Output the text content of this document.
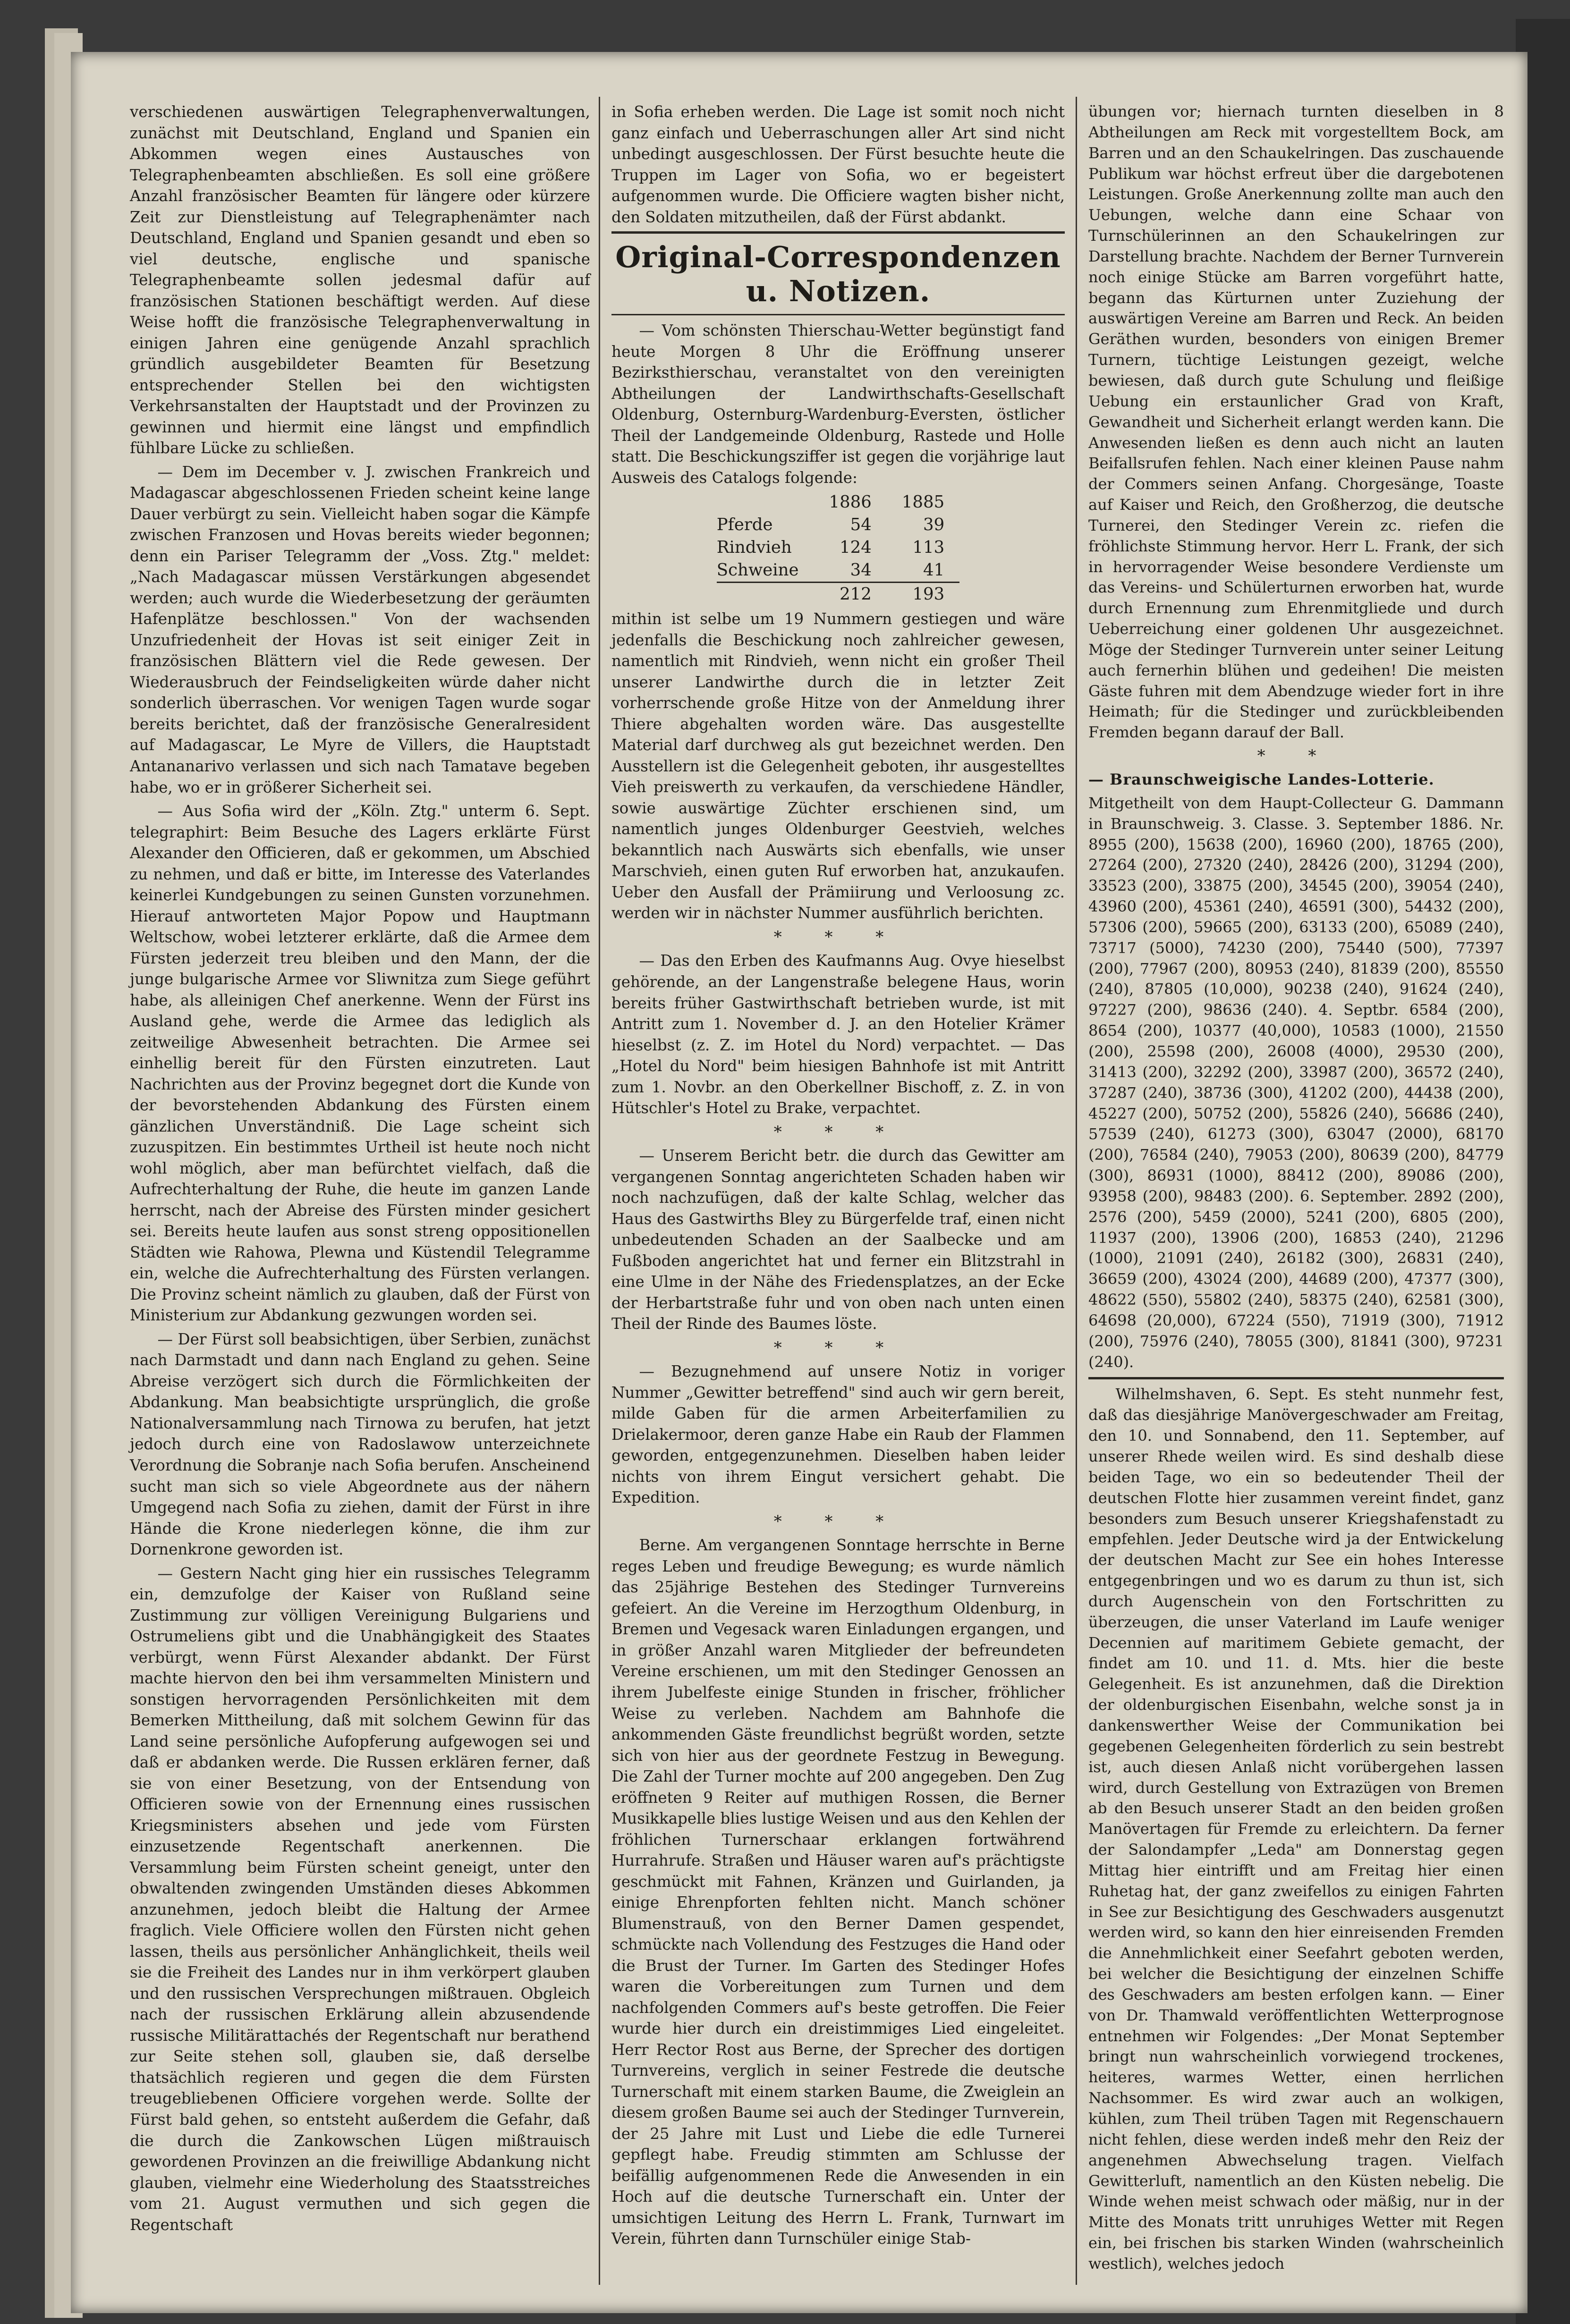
verschiedenen auswärtigen Telegraphenverwaltungen, zunächst mit Deutschland, England und Spanien ein Abkommen wegen eines Austausches von Telegraphenbeamten abschließen. Es soll eine größere Anzahl französischer Beamten für längere oder kürzere Zeit zur Dienstleistung auf Telegraphenämter nach Deutschland, England und Spanien gesandt und eben so viel deutsche, englische und spanische Telegraphenbeamte sollen jedesmal dafür auf französischen Stationen beschäftigt werden. Auf diese Weise hofft die französische Telegraphenverwaltung in einigen Jahren eine genügende Anzahl sprachlich gründlich ausgebildeter Beamten für Besetzung entsprechender Stellen bei den wichtigsten Verkehrsanstalten der Hauptstadt und der Provinzen zu gewinnen und hiermit eine längst und empfindlich fühlbare Lücke zu schließen.

— Dem im December v. J. zwischen Frankreich und Madagascar abgeschlossenen Frieden scheint keine lange Dauer verbürgt zu sein. Vielleicht haben sogar die Kämpfe zwischen Franzosen und Hovas bereits wieder begonnen; denn ein Pariser Telegramm der „Voss. Ztg." meldet: „Nach Madagascar müssen Verstärkungen abgesendet werden; auch wurde die Wiederbesetzung der geräumten Hafenplätze beschlossen." Von der wachsenden Unzufriedenheit der Hovas ist seit einiger Zeit in französischen Blättern viel die Rede gewesen. Der Wiederausbruch der Feindseligkeiten würde daher nicht sonderlich überraschen. Vor wenigen Tagen wurde sogar bereits berichtet, daß der französische Generalresident auf Madagascar, Le Myre de Villers, die Hauptstadt Antananarivo verlassen und sich nach Tamatave begeben habe, wo er in größerer Sicherheit sei.

— Aus Sofia wird der „Köln. Ztg." unterm 6. Sept. telegraphirt: Beim Besuche des Lagers erklärte Fürst Alexander den Officieren, daß er gekommen, um Abschied zu nehmen, und daß er bitte, im Interesse des Vaterlandes keinerlei Kundgebungen zu seinen Gunsten vorzunehmen. Hierauf antworteten Major Popow und Hauptmann Weltschow, wobei letzterer erklärte, daß die Armee dem Fürsten jederzeit treu bleiben und den Mann, der die junge bulgarische Armee vor Sliwnitza zum Siege geführt habe, als alleinigen Chef anerkenne. Wenn der Fürst ins Ausland gehe, werde die Armee das lediglich als zeitweilige Abwesenheit betrachten. Die Armee sei einhellig bereit für den Fürsten einzutreten. Laut Nachrichten aus der Provinz begegnet dort die Kunde von der bevorstehenden Abdankung des Fürsten einem gänzlichen Unverständniß. Die Lage scheint sich zuzuspitzen. Ein bestimmtes Urtheil ist heute noch nicht wohl möglich, aber man befürchtet vielfach, daß die Aufrechterhaltung der Ruhe, die heute im ganzen Lande herrscht, nach der Abreise des Fürsten minder gesichert sei. Bereits heute laufen aus sonst streng oppositionellen Städten wie Rahowa, Plewna und Küstendil Telegramme ein, welche die Aufrechterhaltung des Fürsten verlangen. Die Provinz scheint nämlich zu glauben, daß der Fürst von Ministerium zur Abdankung gezwungen worden sei.

— Der Fürst soll beabsichtigen, über Serbien, zunächst nach Darmstadt und dann nach England zu gehen. Seine Abreise verzögert sich durch die Förmlichkeiten der Abdankung. Man beabsichtigte ursprünglich, die große Nationalversammlung nach Tirnowa zu berufen, hat jetzt jedoch durch eine von Radoslawow unterzeichnete Verordnung die Sobranje nach Sofia berufen. Anscheinend sucht man sich so viele Abgeordnete aus der nähern Umgegend nach Sofia zu ziehen, damit der Fürst in ihre Hände die Krone niederlegen könne, die ihm zur Dornenkrone geworden ist.

— Gestern Nacht ging hier ein russisches Telegramm ein, demzufolge der Kaiser von Rußland seine Zustimmung zur völligen Vereinigung Bulgariens und Ostrumeliens gibt und die Unabhängigkeit des Staates verbürgt, wenn Fürst Alexander abdankt. Der Fürst machte hiervon den bei ihm versammelten Ministern und sonstigen hervorragenden Persönlichkeiten mit dem Bemerken Mittheilung, daß mit solchem Gewinn für das Land seine persönliche Aufopferung aufgewogen sei und daß er abdanken werde. Die Russen erklären ferner, daß sie von einer Besetzung, von der Entsendung von Officieren sowie von der Ernennung eines russischen Kriegsministers absehen und jede vom Fürsten einzusetzende Regentschaft anerkennen. Die Versammlung beim Fürsten scheint geneigt, unter den obwaltenden zwingenden Umständen dieses Abkommen anzunehmen, jedoch bleibt die Haltung der Armee fraglich. Viele Officiere wollen den Fürsten nicht gehen lassen, theils aus persönlicher Anhänglichkeit, theils weil sie die Freiheit des Landes nur in ihm verkörpert glauben und den russischen Versprechungen mißtrauen. Obgleich nach der russischen Erklärung allein abzusendende russische Militärattachés der Regentschaft nur berathend zur Seite stehen soll, glauben sie, daß derselbe thatsächlich regieren und gegen die dem Fürsten treugebliebenen Officiere vorgehen werde. Sollte der Fürst bald gehen, so entsteht außerdem die Gefahr, daß die durch die Zankowschen Lügen mißtrauisch gewordenen Provinzen an die freiwillige Abdankung nicht glauben, vielmehr eine Wiederholung des Staatsstreiches vom 21. August vermuthen und sich gegen die Regentschaft

in Sofia erheben werden. Die Lage ist somit noch nicht ganz einfach und Ueberraschungen aller Art sind nicht unbedingt ausgeschlossen. Der Fürst besuchte heute die Truppen im Lager von Sofia, wo er begeistert aufgenommen wurde. Die Officiere wagten bisher nicht, den Soldaten mitzutheilen, daß der Fürst abdankt.

Original-Correspondenzen u. Notizen.

— Vom schönsten Thierschau-Wetter begünstigt fand heute Morgen 8 Uhr die Eröffnung unserer Bezirksthierschau, veranstaltet von den vereinigten Abtheilungen der Landwirthschafts-Gesellschaft Oldenburg, Osternburg-Wardenburg-Eversten, östlicher Theil der Landgemeinde Oldenburg, Rastede und Holle statt. Die Beschickungsziffer ist gegen die vorjährige laut Ausweis des Catalogs folgende:

	1886	1885
Pferde	54	39
Rindvieh	124	113
Schweine	34	41
	212	193

mithin ist selbe um 19 Nummern gestiegen und wäre jedenfalls die Beschickung noch zahlreicher gewesen, namentlich mit Rindvieh, wenn nicht ein großer Theil unserer Landwirthe durch die in letzter Zeit vorherrschende große Hitze von der Anmeldung ihrer Thiere abgehalten worden wäre. Das ausgestellte Material darf durchweg als gut bezeichnet werden. Den Ausstellern ist die Gelegenheit geboten, ihr ausgestelltes Vieh preiswerth zu verkaufen, da verschiedene Händler, sowie auswärtige Züchter erschienen sind, um namentlich junges Oldenburger Geestvieh, welches bekanntlich nach Auswärts sich ebenfalls, wie unser Marschvieh, einen guten Ruf erworben hat, anzukaufen. Ueber den Ausfall der Prämiirung und Verloosung zc. werden wir in nächster Nummer ausführlich berichten.

* * *

— Das den Erben des Kaufmanns Aug. Ovye hieselbst gehörende, an der Langenstraße belegene Haus, worin bereits früher Gastwirthschaft betrieben wurde, ist mit Antritt zum 1. November d. J. an den Hotelier Krämer hieselbst (z. Z. im Hotel du Nord) verpachtet. — Das „Hotel du Nord" beim hiesigen Bahnhofe ist mit Antritt zum 1. Novbr. an den Oberkellner Bischoff, z. Z. in von Hütschler's Hotel zu Brake, verpachtet.

* * *

— Unserem Bericht betr. die durch das Gewitter am vergangenen Sonntag angerichteten Schaden haben wir noch nachzufügen, daß der kalte Schlag, welcher das Haus des Gastwirths Bley zu Bürgerfelde traf, einen nicht unbedeutenden Schaden an der Saalbecke und am Fußboden angerichtet hat und ferner ein Blitzstrahl in eine Ulme in der Nähe des Friedensplatzes, an der Ecke der Herbartstraße fuhr und von oben nach unten einen Theil der Rinde des Baumes löste.

* * *

— Bezugnehmend auf unsere Notiz in voriger Nummer „Gewitter betreffend" sind auch wir gern bereit, milde Gaben für die armen Arbeiterfamilien zu Drielakermoor, deren ganze Habe ein Raub der Flammen geworden, entgegenzunehmen. Dieselben haben leider nichts von ihrem Eingut versichert gehabt. Die Expedition.

* * *

Berne. Am vergangenen Sonntage herrschte in Berne reges Leben und freudige Bewegung; es wurde nämlich das 25jährige Bestehen des Stedinger Turnvereins gefeiert. An die Vereine im Herzogthum Oldenburg, in Bremen und Vegesack waren Einladungen ergangen, und in größer Anzahl waren Mitglieder der befreundeten Vereine erschienen, um mit den Stedinger Genossen an ihrem Jubelfeste einige Stunden in frischer, fröhlicher Weise zu verleben. Nachdem am Bahnhofe die ankommenden Gäste freundlichst begrüßt worden, setzte sich von hier aus der geordnete Festzug in Bewegung. Die Zahl der Turner mochte auf 200 angegeben. Den Zug eröffneten 9 Reiter auf muthigen Rossen, die Berner Musikkapelle blies lustige Weisen und aus den Kehlen der fröhlichen Turnerschaar erklangen fortwährend Hurrahrufe. Straßen und Häuser waren auf's prächtigste geschmückt mit Fahnen, Kränzen und Guirlanden, ja einige Ehrenpforten fehlten nicht. Manch schöner Blumenstrauß, von den Berner Damen gespendet, schmückte nach Vollendung des Festzuges die Hand oder die Brust der Turner. Im Garten des Stedinger Hofes waren die Vorbereitungen zum Turnen und dem nachfolgenden Commers auf's beste getroffen. Die Feier wurde hier durch ein dreistimmiges Lied eingeleitet. Herr Rector Rost aus Berne, der Sprecher des dortigen Turnvereins, verglich in seiner Festrede die deutsche Turnerschaft mit einem starken Baume, die Zweiglein an diesem großen Baume sei auch der Stedinger Turnverein, der 25 Jahre mit Lust und Liebe die edle Turnerei gepflegt habe. Freudig stimmten am Schlusse der beifällig aufgenommenen Rede die Anwesenden in ein Hoch auf die deutsche Turnerschaft ein. Unter der umsichtigen Leitung des Herrn L. Frank, Turnwart im Verein, führten dann Turnschüler einige Stab-

übungen vor; hiernach turnten dieselben in 8 Abtheilungen am Reck mit vorgestelltem Bock, am Barren und an den Schaukelringen. Das zuschauende Publikum war höchst erfreut über die dargebotenen Leistungen. Große Anerkennung zollte man auch den Uebungen, welche dann eine Schaar von Turnschülerinnen an den Schaukelringen zur Darstellung brachte. Nachdem der Berner Turnverein noch einige Stücke am Barren vorgeführt hatte, begann das Kürturnen unter Zuziehung der auswärtigen Vereine am Barren und Reck. An beiden Geräthen wurden, besonders von einigen Bremer Turnern, tüchtige Leistungen gezeigt, welche bewiesen, daß durch gute Schulung und fleißige Uebung ein erstaunlicher Grad von Kraft, Gewandheit und Sicherheit erlangt werden kann. Die Anwesenden ließen es denn auch nicht an lauten Beifallsrufen fehlen. Nach einer kleinen Pause nahm der Commers seinen Anfang. Chorgesänge, Toaste auf Kaiser und Reich, den Großherzog, die deutsche Turnerei, den Stedinger Verein zc. riefen die fröhlichste Stimmung hervor. Herr L. Frank, der sich in hervorragender Weise besondere Verdienste um das Vereins- und Schülerturnen erworben hat, wurde durch Ernennung zum Ehrenmitgliede und durch Ueberreichung einer goldenen Uhr ausgezeichnet. Möge der Stedinger Turnverein unter seiner Leitung auch fernerhin blühen und gedeihen! Die meisten Gäste fuhren mit dem Abendzuge wieder fort in ihre Heimath; für die Stedinger und zurückbleibenden Fremden begann darauf der Ball.

* *

— Braunschweigische Landes-Lotterie.

Mitgetheilt von dem Haupt-Collecteur G. Dammann in Braunschweig. 3. Classe. 3. September 1886. Nr. 8955 (200), 15638 (200), 16960 (200), 18765 (200), 27264 (200), 27320 (240), 28426 (200), 31294 (200), 33523 (200), 33875 (200), 34545 (200), 39054 (240), 43960 (200), 45361 (240), 46591 (300), 54432 (200), 57306 (200), 59665 (200), 63133 (200), 65089 (240), 73717 (5000), 74230 (200), 75440 (500), 77397 (200), 77967 (200), 80953 (240), 81839 (200), 85550 (240), 87805 (10,000), 90238 (240), 91624 (240), 97227 (200), 98636 (240). 4. Septbr. 6584 (200), 8654 (200), 10377 (40,000), 10583 (1000), 21550 (200), 25598 (200), 26008 (4000), 29530 (200), 31413 (200), 32292 (200), 33987 (200), 36572 (240), 37287 (240), 38736 (300), 41202 (200), 44438 (200), 45227 (200), 50752 (200), 55826 (240), 56686 (240), 57539 (240), 61273 (300), 63047 (2000), 68170 (200), 76584 (240), 79053 (200), 80639 (200), 84779 (300), 86931 (1000), 88412 (200), 89086 (200), 93958 (200), 98483 (200). 6. September. 2892 (200), 2576 (200), 5459 (2000), 5241 (200), 6805 (200), 11937 (200), 13906 (200), 16853 (240), 21296 (1000), 21091 (240), 26182 (300), 26831 (240), 36659 (200), 43024 (200), 44689 (200), 47377 (300), 48622 (550), 55802 (240), 58375 (240), 62581 (300), 64698 (20,000), 67224 (550), 71919 (300), 71912 (200), 75976 (240), 78055 (300), 81841 (300), 97231 (240).

Wilhelmshaven, 6. Sept. Es steht nunmehr fest, daß das diesjährige Manövergeschwader am Freitag, den 10. und Sonnabend, den 11. September, auf unserer Rhede weilen wird. Es sind deshalb diese beiden Tage, wo ein so bedeutender Theil der deutschen Flotte hier zusammen vereint findet, ganz besonders zum Besuch unserer Kriegshafenstadt zu empfehlen. Jeder Deutsche wird ja der Entwickelung der deutschen Macht zur See ein hohes Interesse entgegenbringen und wo es darum zu thun ist, sich durch Augenschein von den Fortschritten zu überzeugen, die unser Vaterland im Laufe weniger Decennien auf maritimem Gebiete gemacht, der findet am 10. und 11. d. Mts. hier die beste Gelegenheit. Es ist anzunehmen, daß die Direktion der oldenburgischen Eisenbahn, welche sonst ja in dankenswerther Weise der Communikation bei gegebenen Gelegenheiten förderlich zu sein bestrebt ist, auch diesen Anlaß nicht vorübergehen lassen wird, durch Gestellung von Extrazügen von Bremen ab den Besuch unserer Stadt an den beiden großen Manövertagen für Fremde zu erleichtern. Da ferner der Salondampfer „Leda" am Donnerstag gegen Mittag hier eintrifft und am Freitag hier einen Ruhetag hat, der ganz zweifellos zu einigen Fahrten in See zur Besichtigung des Geschwaders ausgenutzt werden wird, so kann den hier einreisenden Fremden die Annehmlichkeit einer Seefahrt geboten werden, bei welcher die Besichtigung der einzelnen Schiffe des Geschwaders am besten erfolgen kann. — Einer von Dr. Thamwald veröffentlichten Wetterprognose entnehmen wir Folgendes: „Der Monat September bringt nun wahrscheinlich vorwiegend trockenes, heiteres, warmes Wetter, einen herrlichen Nachsommer. Es wird zwar auch an wolkigen, kühlen, zum Theil trüben Tagen mit Regenschauern nicht fehlen, diese werden indeß mehr den Reiz der angenehmen Abwechselung tragen. Vielfach Gewitterluft, namentlich an den Küsten nebelig. Die Winde wehen meist schwach oder mäßig, nur in der Mitte des Monats tritt unruhiges Wetter mit Regen ein, bei frischen bis starken Winden (wahrscheinlich westlich), welches jedoch
